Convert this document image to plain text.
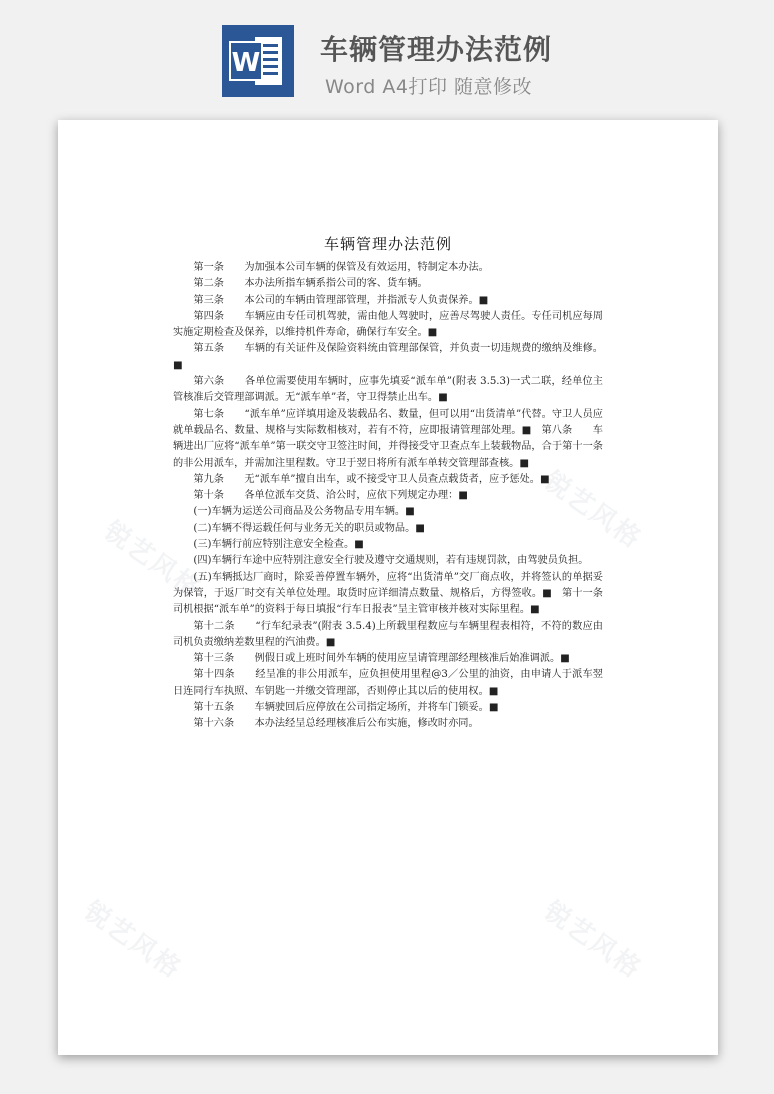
W 车辆管理办法范例
Word A4打印 随意修改
锐艺风格
锐艺风格
锐艺风格	锐艺风格
车辆管理办法范例

第一条　　为加强本公司车辆的保管及有效运用，特制定本办法。

第二条　　本办法所指车辆系指公司的客、货车辆。

第三条　　本公司的车辆由管理部管理，并指派专人负责保养。■

第四条　　车辆应由专任司机驾驶，需由他人驾驶时，应善尽驾驶人责任。专任司机应每周实施定期检查及保养，以维持机件寿命，确保行车安全。■

第五条　　车辆的有关证件及保险资料统由管理部保管，并负责一切违规费的缴纳及维修。■

第六条　　各单位需要使用车辆时，应事先填妥“派车单”(附表 3.5.3)一式二联，经单位主管核准后交管理部调派。无“派车单”者，守卫得禁止出车。■

第七条　　“派车单”应详填用途及装载品名、数量，但可以用“出货清单”代替。守卫人员应就单载品名、数量、规格与实际数相核对，若有不符，应即报请管理部处理。■　第八条　　车辆进出厂应将“派车单”第一联交守卫签注时间，并得接受守卫查点车上装载物品，合于第十一条的非公用派车，并需加注里程数。守卫于翌日将所有派车单转交管理部查核。■

第九条　　无“派车单”擅自出车，或不接受守卫人员查点载货者，应予惩处。■

第十条　　各单位派车交货、洽公时，应依下列规定办理：■

(一)车辆为运送公司商品及公务物品专用车辆。■

(二)车辆不得运载任何与业务无关的职员或物品。■

(三)车辆行前应特别注意安全检查。■

(四)车辆行车途中应特别注意安全行驶及遵守交通规则，若有违规罚款，由驾驶员负担。

(五)车辆抵达厂商时，除妥善停置车辆外，应将“出货清单”交厂商点收，并将签认的单据妥为保管，于返厂时交有关单位处理。取货时应详细清点数量、规格后，方得签收。■　第十一条　　司机根据“派车单”的资料于每日填报“行车日报表”呈主管审核并核对实际里程。■

第十二条　　“行车纪录表”(附表 3.5.4)上所载里程数应与车辆里程表相符，不符的数应由司机负责缴纳差数里程的汽油费。■

第十三条　　例假日或上班时间外车辆的使用应呈请管理部经理核准后始准调派。■

第十四条　　经呈准的非公用派车，应负担使用里程@3／公里的油资，由申请人于派车翌日连同行车执照、车钥匙一并缴交管理部，否则停止其以后的使用权。■

第十五条　　车辆驶回后应停放在公司指定场所，并将车门锁妥。■

第十六条　　本办法经呈总经理核准后公布实施，修改时亦同。
